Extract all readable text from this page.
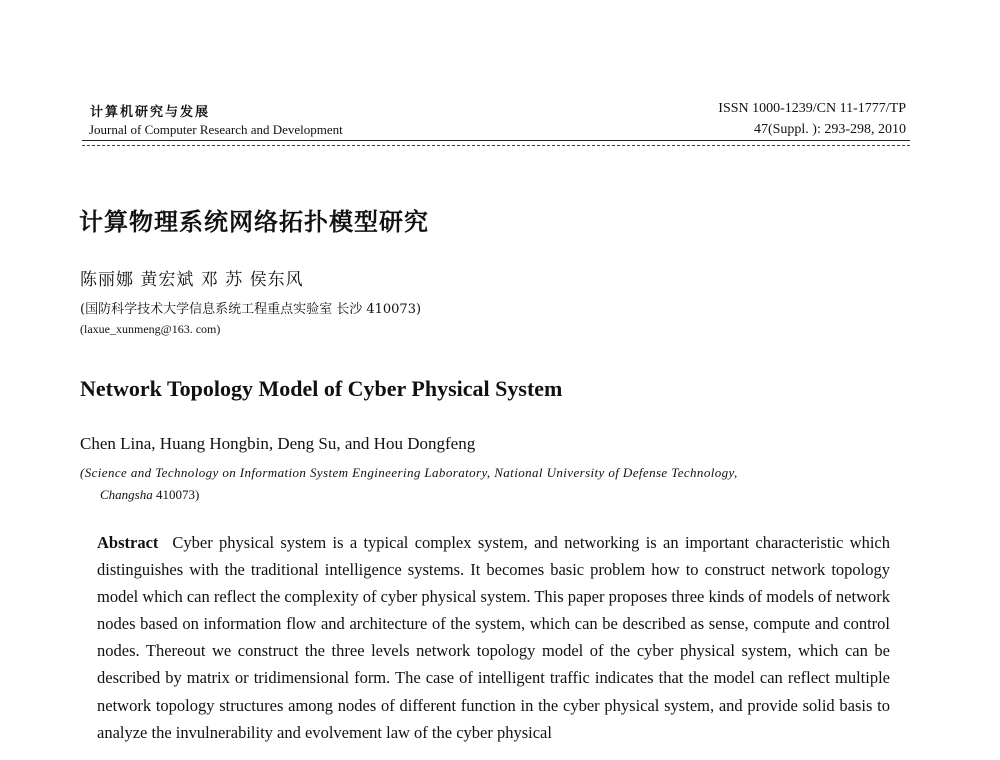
计算机研究与发展
Journal of Computer Research and Development
ISSN 1000-1239/CN 11-1777/TP
47(Suppl. ): 293-298, 2010
计算物理系统网络拓扑模型研究
陈丽娜 黄宏斌 邓 苏 侯东风
(国防科学技术大学信息系统工程重点实验室 长沙 410073)
(laxue_xunmeng@163. com)
Network Topology Model of Cyber Physical System
Chen Lina, Huang Hongbin, Deng Su, and Hou Dongfeng
(Science and Technology on Information System Engineering Laboratory, National University of Defense Technology,
Changsha 410073)
Abstract Cyber physical system is a typical complex system, and networking is an important characteristic which distinguishes with the traditional intelligence systems. It becomes basic problem how to construct network topology model which can reflect the complexity of cyber physical system. This paper proposes three kinds of models of network nodes based on information flow and architecture of the system, which can be described as sense, compute and control nodes. Thereout we construct the three levels network topology model of the cyber physical system, which can be described by matrix or tridimensional form. The case of intelligent traffic indicates that the model can reflect multiple network topology structures among nodes of different function in the cyber physical system, and provide solid basis to analyze the invulnerability and evolvement law of the cyber physical
